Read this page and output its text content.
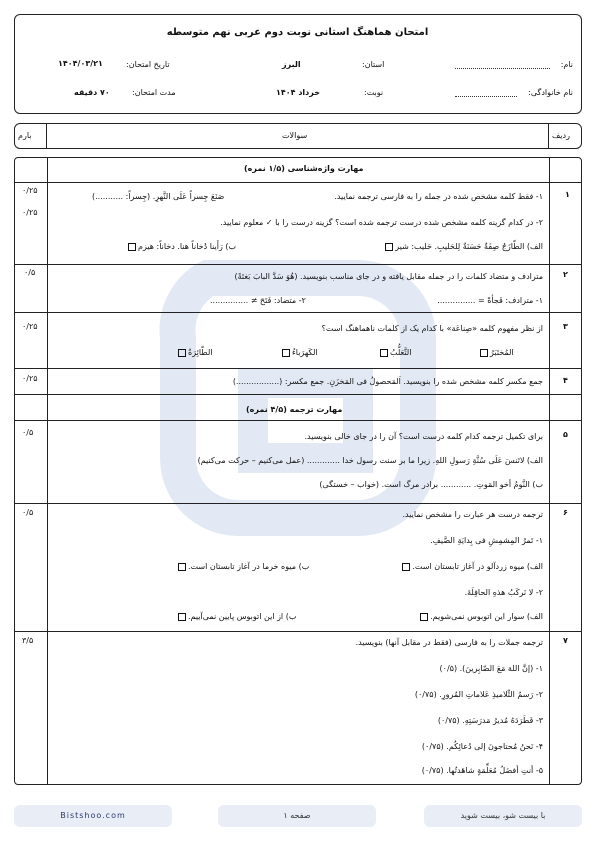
امتحان هماهنگ استانی نوبت دوم عربی نهم متوسطه
نام:
نام خانوادگی:
استان:
البرز
نوبت:
خرداد ۱۴۰۴
تاریخ امتحان:
۱۴۰۴/۰۳/۲۱
مدت امتحان:
۷۰ دقیقه
ردیف
سوالات
بارم
مهارت واژه‌شناسی (۱/۵ نمره)
۱
۱- فقط کلمه مشخص شده در جمله را به فارسی ترجمه نمایید.
صَنَعَ جِسراً عَلَی النَّهرِ. (جِسراً: ...........)
۰/۲۵
۲- در کدام گزینه کلمه مشخص شده درست ترجمه شده است؟ گزینه درست را با ✓ معلوم نمایید.
۰/۲۵
الف) الطّازَجُ صِفَةٌ حَسَنَةٌ لِلحَلیبِ. حَلیب: شیر
ب) رَأَینا دُخاناً هنا. دخاناً: هیزم
۲
مترادف و متضاد کلمات را در جمله مقابل یافته و در جای مناسب بنویسید. (هُوَ سَدَّ البابَ بَغتَةً)
۱- مترادف: فَجأةً = ...............
۲- متضاد: فَتَحَ ≠ ...............
۰/۵
۳
از نظر مفهوم کلمه «صِناعَة» با کدام یک از کلمات ناهماهنگ است؟
المُختَبَرُ
التَّعَلُّبُ
الکَهرَباءُ
الطّائِرَةُ
۰/۲۵
۴
جمع مکسر کلمه مشخص شده را بنویسید. اَلمَحصولُ فی المَخزَنِ. جمع مکسر: (.................)
۰/۲۵
مهارت ترجمه (۴/۵ نمره)
۵
برای تکمیل ترجمه کدام کلمه درست است؟ آن را در جای خالی بنویسید.
الف) لاتَنسَ عَلَی سُنَّةِ رَسولِ اللهِ. زیرا ما بر سنت رسول خدا ............. (عمل می‌کنیم – حرکت می‌کنیم)
ب) النَّومُ أخو المَوتِ. ............ برادر مرگ است. (خواب – خستگی)
۰/۵
۶
ترجمه درست هر عبارت را مشخص نمایید.
۱- تَمرُ المِشمِشِ فی بِدایَةِ الصَّیفِ.
الف) میوه زردآلو در آغاز تابستان است.
ب) میوه خرما در آغاز تابستان است.
۲- لا نَرکَبُ هذهِ الحافِلَةَ.
الف) سوار این اتوبوس نمی‌شویم.
ب) از این اتوبوس پایین نمی‌آییم.
۰/۵
۷
ترجمه جملات را به فارسی (فقط در مقابل آنها) بنویسید.
۱- (إنَّ اللهَ مَعَ الصّابِرینَ). (۰/۵)
۲- رَسمُ التِّلامیذِ عَلاماتِ المُرورِ. (۰/۷۵)
۳- فَطَرَدَهُ مُدیرُ مَدرَسَتِهِ. (۰/۷۵)
۴- نَحنُ مُحتاجونَ إلی دُعائِکُم. (۰/۷۵)
۵- أنتِ أفضَلُ مُعَلِّمَةٍ شاهَدتُها. (۰/۷۵)
۳/۵
Bistshoo.com	صفحه ۱	با بیست شو، بیست شوید
